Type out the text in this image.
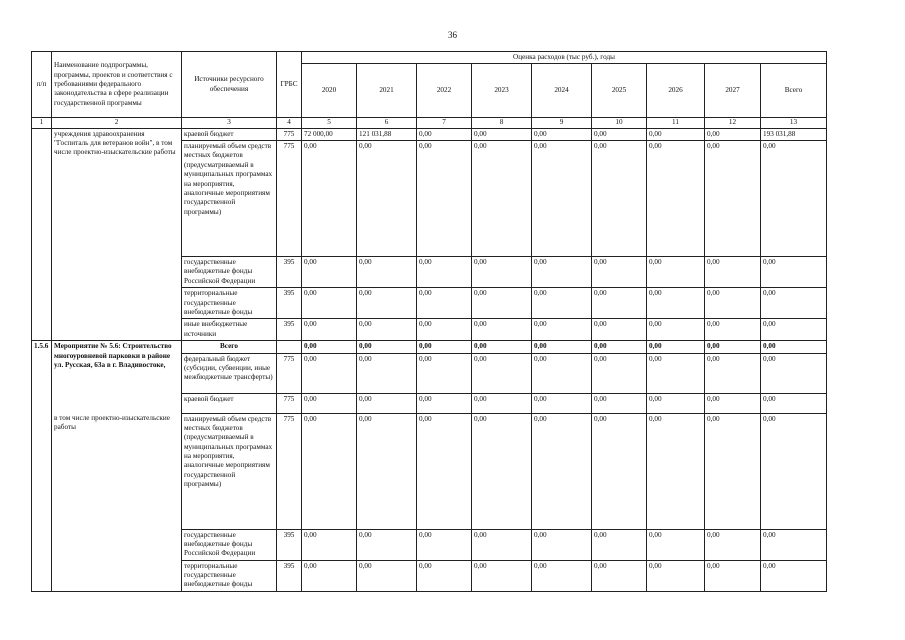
36
п/п	Наименование подпрограммы, программы, проектов и соответствия с требованиями федерального законодательства в сфере реализации государственной программы	Источники ресурсного обеспечения	ГРБС	Оценка расходов (тыс руб.), годы								
				2020	2021	2022	2023	2024	2025	2026	2027	Всего
1	2	3	4	5	6	7	8	9	10	11	12	13
	учреждения здравоохранения "Госпиталь для ветеранов войн", в том числе проектно-изыскательские работы	краевой бюджет	775	72 000,00	121 031,88	0,00	0,00	0,00	0,00	0,00	0,00	193 031,88
		планируемый объем средств местных бюджетов (предусматриваемый в муниципальных программах на мероприятия, аналогичные мероприятиям государственной программы)	775	0,00	0,00	0,00	0,00	0,00	0,00	0,00	0,00	0,00
		государственные внебюджетные фонды Российской Федерации	395	0,00	0,00	0,00	0,00	0,00	0,00	0,00	0,00	0,00
		территориальные государственные внебюджетные фонды	395	0,00	0,00	0,00	0,00	0,00	0,00	0,00	0,00	0,00
		иные внебюджетные источники	395	0,00	0,00	0,00	0,00	0,00	0,00	0,00	0,00	0,00
1.5.6	Мероприятие № 5.6: Строительство многоуровневой парковки в районе ул. Русская, 63а в г. Владивостоке,	Всего		0,00	0,00	0,00	0,00	0,00	0,00	0,00	0,00	0,00
		федеральный бюджет (субсидии, субвенции, иные межбюджетные трансферты)	775	0,00	0,00	0,00	0,00	0,00	0,00	0,00	0,00	0,00
		краевой бюджет	775	0,00	0,00	0,00	0,00	0,00	0,00	0,00	0,00	0,00
	в том числе проектно-изыскательские работы	планируемый объем средств местных бюджетов (предусматриваемый в муниципальных программах на мероприятия, аналогичные мероприятиям государственной программы)	775	0,00	0,00	0,00	0,00	0,00	0,00	0,00	0,00	0,00
		государственные внебюджетные фонды Российской Федерации	395	0,00	0,00	0,00	0,00	0,00	0,00	0,00	0,00	0,00
		территориальные государственные внебюджетные фонды	395	0,00	0,00	0,00	0,00	0,00	0,00	0,00	0,00	0,00
